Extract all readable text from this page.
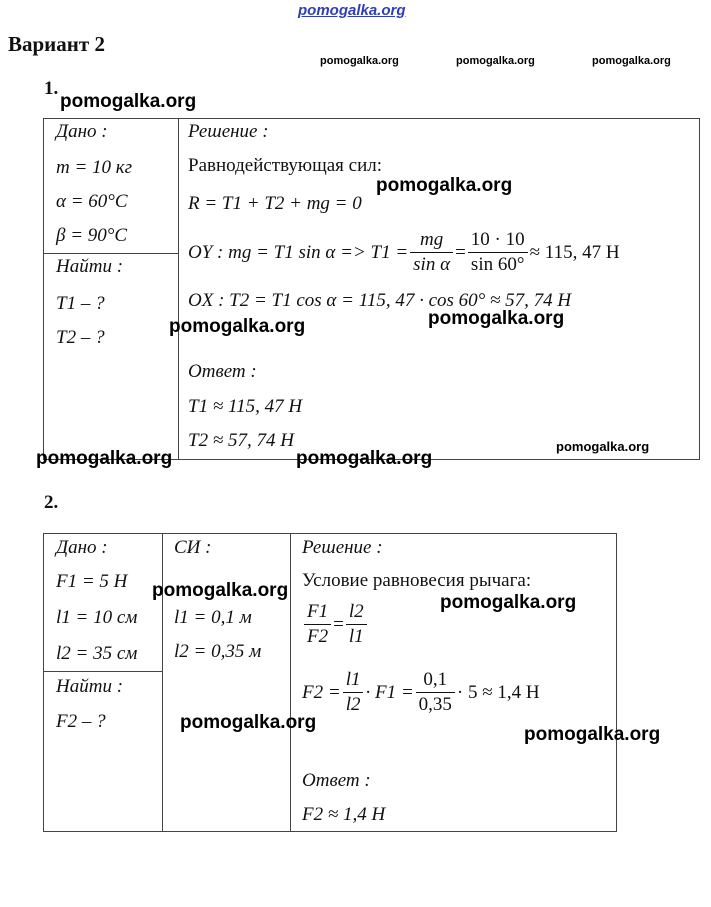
pomogalka.org
Вариант 2
pomogalka.org	pomogalka.org	pomogalka.org
1.
pomogalka.org
Дано :
m = 10 кг
α = 60°C
β = 90°C
Найти :
T1 – ?
T2 – ?
Решение :
Равнодействующая сил:
pomogalka.org
R = T1 + T2 + mg = 0
OY : mg = T1 $\sin \alpha => T1 = \frac{mg}{\text{sin α}} = \frac{10 \cdot 10}{\sin 60^\circ} \approx 115$, 47 Н
OX : T2 = T1 cos α = 115, 47 · cos 60° ≈ 57, 74 Н
pomogalka.org
pomogalka.org
Ответ :
T1 ≈ 115, 47 Н
T2 ≈ 57, 74 Н	pomogalka.org
pomogalka.org	pomogalka.org
2.
Дано :
F1 = 5 Н
l1 = 10 см
l2 = 35 см
Найти :
F2 – ?
СИ :
pomogalka.org
l1 = 0,1 м
l2 = 0,35 м
pomogalka.org
Решение :
Условие равновесия рычага:
pomogalka.org
$\frac{F1}{F2} = \frac{l2}{l1}$
$F2 = \frac{l1}{l2} \cdot F1 = \frac{0,1}{0,35} \cdot 5 \approx 1,4$ Н
pomogalka.org
Ответ :
F2 ≈ 1,4 Н
